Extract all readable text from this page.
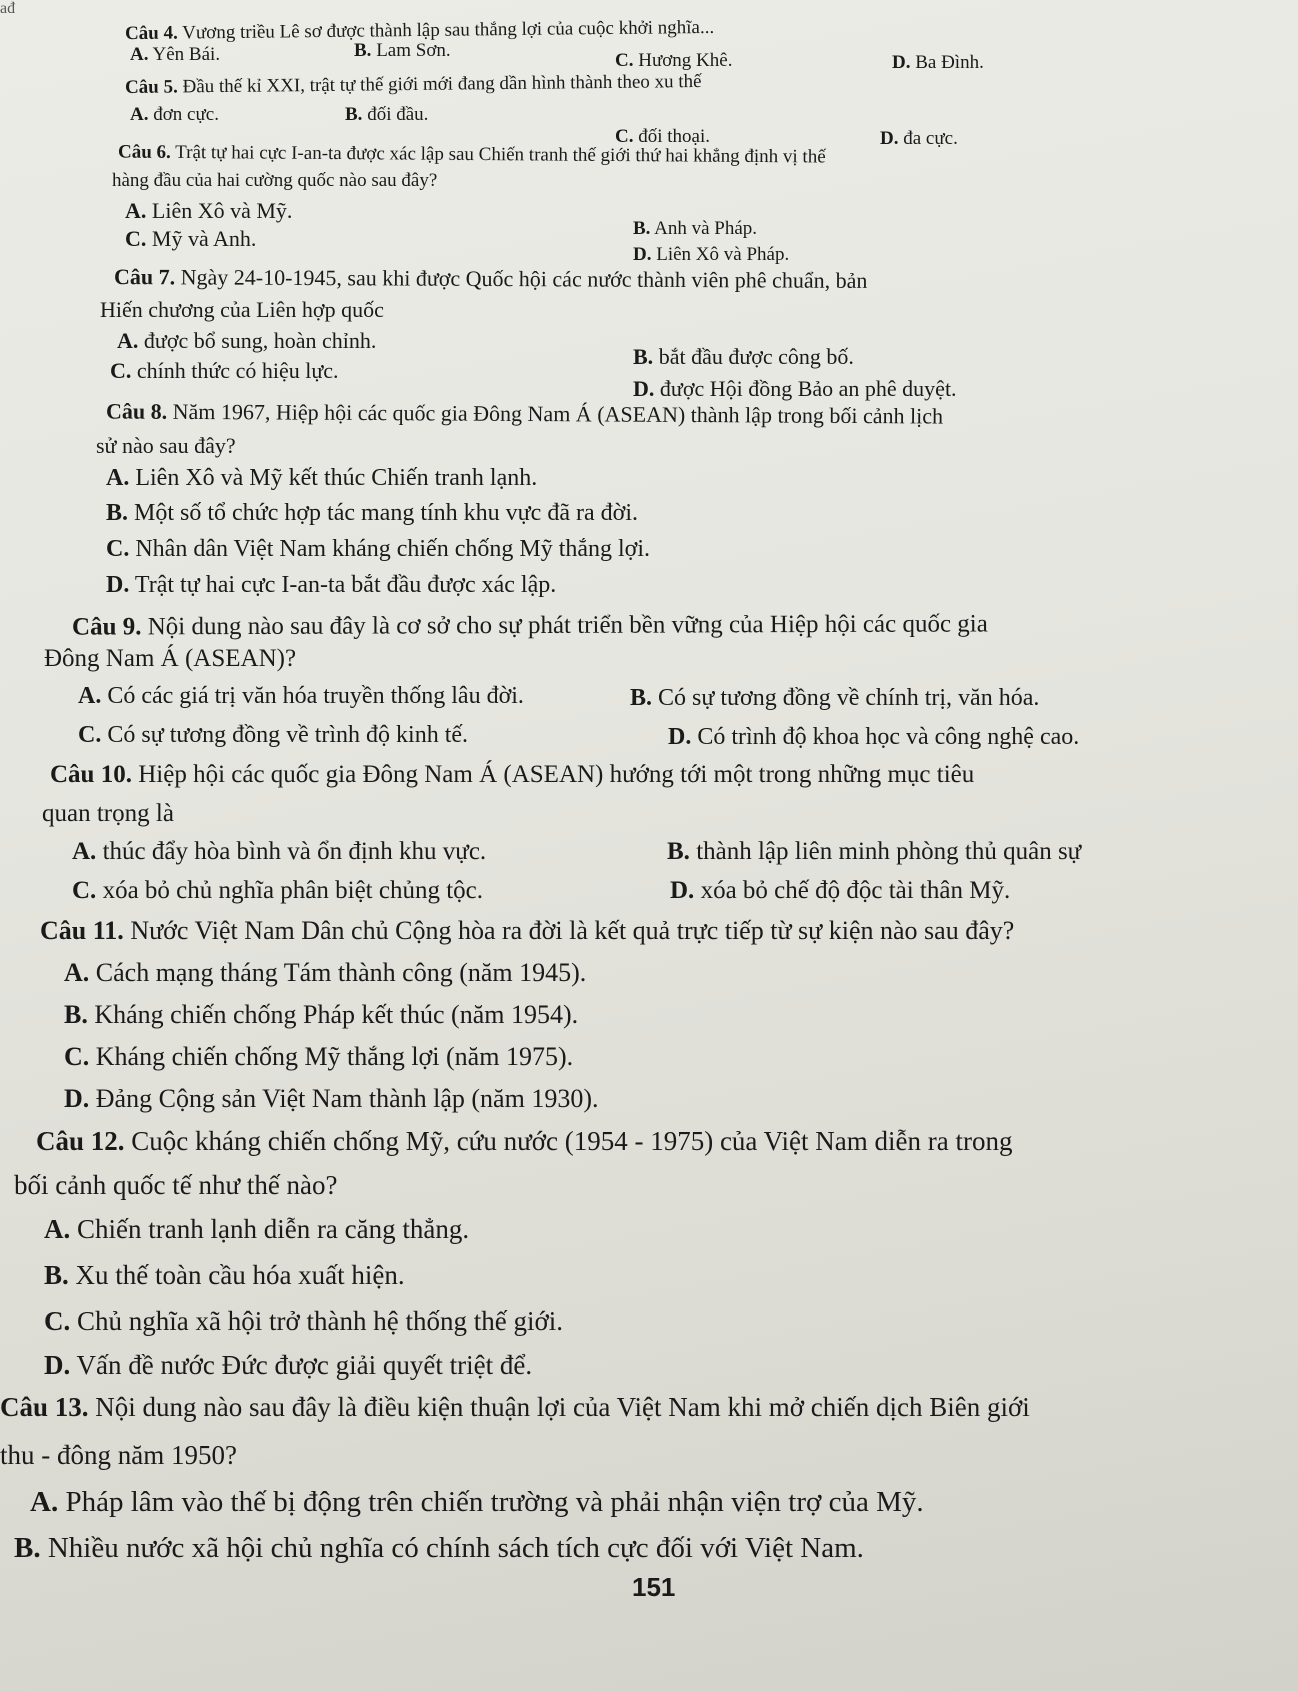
ađ
Câu 4. Vương triều Lê sơ được thành lập sau thắng lợi của cuộc khởi nghĩa...
A. Yên Bái.	B. Lam Sơn.	C. Hương Khê.	D. Ba Đình.
Câu 5. Đầu thế kỉ XXI, trật tự thế giới mới đang dần hình thành theo xu thế
A. đơn cực.	B. đối đầu.
C. đối thoại.	D. đa cực.
Câu 6. Trật tự hai cực I-an-ta được xác lập sau Chiến tranh thế giới thứ hai khẳng định vị thế
hàng đầu của hai cường quốc nào sau đây?
A. Liên Xô và Mỹ.
B. Anh và Pháp.
C. Mỹ và Anh.
D. Liên Xô và Pháp.
Câu 7. Ngày 24-10-1945, sau khi được Quốc hội các nước thành viên phê chuẩn, bản
Hiến chương của Liên hợp quốc
A. được bổ sung, hoàn chỉnh.
B. bắt đầu được công bố.
C. chính thức có hiệu lực.
D. được Hội đồng Bảo an phê duyệt.
Câu 8. Năm 1967, Hiệp hội các quốc gia Đông Nam Á (ASEAN) thành lập trong bối cảnh lịch
sử nào sau đây?
A. Liên Xô và Mỹ kết thúc Chiến tranh lạnh.
B. Một số tổ chức hợp tác mang tính khu vực đã ra đời.
C. Nhân dân Việt Nam kháng chiến chống Mỹ thắng lợi.
D. Trật tự hai cực I-an-ta bắt đầu được xác lập.
Câu 9. Nội dung nào sau đây là cơ sở cho sự phát triển bền vững của Hiệp hội các quốc gia
Đông Nam Á (ASEAN)?
A. Có các giá trị văn hóa truyền thống lâu đời.	B. Có sự tương đồng về chính trị, văn hóa.
C. Có sự tương đồng về trình độ kinh tế.	D. Có trình độ khoa học và công nghệ cao.
Câu 10. Hiệp hội các quốc gia Đông Nam Á (ASEAN) hướng tới một trong những mục tiêu
quan trọng là
A. thúc đẩy hòa bình và ổn định khu vực.	B. thành lập liên minh phòng thủ quân sự
C. xóa bỏ chủ nghĩa phân biệt chủng tộc.	D. xóa bỏ chế độ độc tài thân Mỹ.
Câu 11. Nước Việt Nam Dân chủ Cộng hòa ra đời là kết quả trực tiếp từ sự kiện nào sau đây?
A. Cách mạng tháng Tám thành công (năm 1945).
B. Kháng chiến chống Pháp kết thúc (năm 1954).
C. Kháng chiến chống Mỹ thắng lợi (năm 1975).
D. Đảng Cộng sản Việt Nam thành lập (năm 1930).
Câu 12. Cuộc kháng chiến chống Mỹ, cứu nước (1954 - 1975) của Việt Nam diễn ra trong
bối cảnh quốc tế như thế nào?
A. Chiến tranh lạnh diễn ra căng thẳng.
B. Xu thế toàn cầu hóa xuất hiện.
C. Chủ nghĩa xã hội trở thành hệ thống thế giới.
D. Vấn đề nước Đức được giải quyết triệt để.
Câu 13. Nội dung nào sau đây là điều kiện thuận lợi của Việt Nam khi mở chiến dịch Biên giới
thu - đông năm 1950?
A. Pháp lâm vào thế bị động trên chiến trường và phải nhận viện trợ của Mỹ.
B. Nhiều nước xã hội chủ nghĩa có chính sách tích cực đối với Việt Nam.
151
